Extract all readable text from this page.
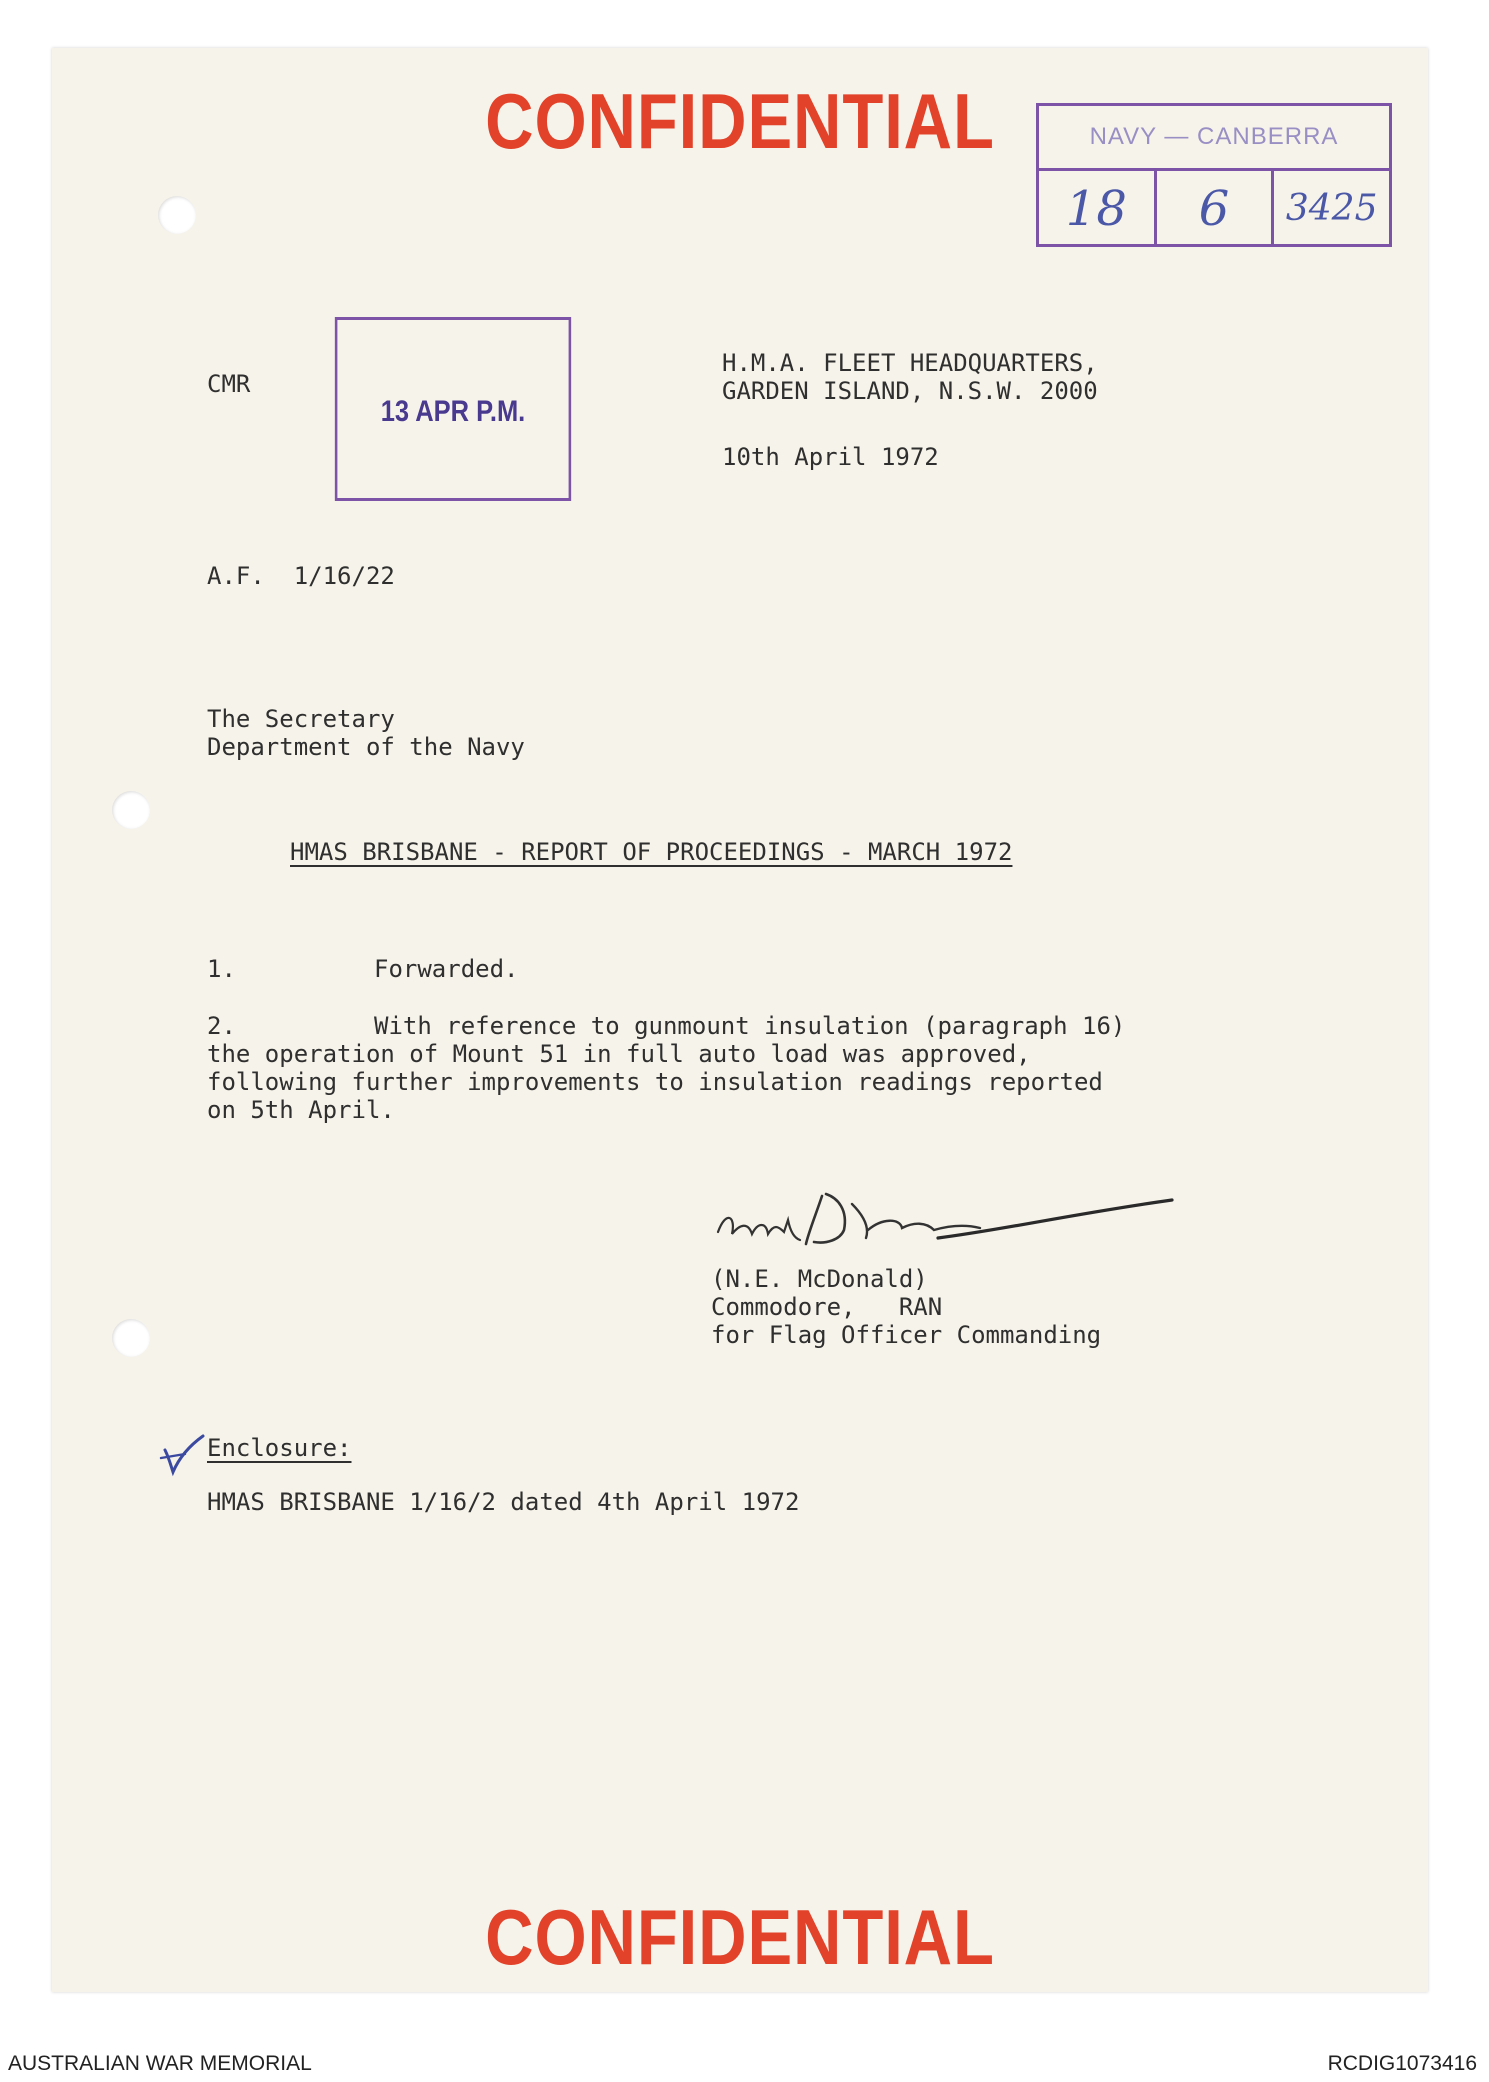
CONFIDENTIAL	NAVY — CANBERRA
18	6	3425
CMR
13 APR P.M.
H.M.A. FLEET HEADQUARTERS,
GARDEN ISLAND, N.S.W. 2000
10th April 1972
A.F.  1/16/22
The Secretary
Department of the Navy
HMAS BRISBANE - REPORT OF PROCEEDINGS - MARCH 1972
1.	Forwarded.
2.	With reference to gunmount insulation (paragraph 16)
the operation of Mount 51 in full auto load was approved,
following further improvements to insulation readings reported
on 5th April.
(N.E. McDonald)
Commodore,   RAN
for Flag Officer Commanding
Enclosure:
HMAS BRISBANE 1/16/2 dated 4th April 1972
CONFIDENTIAL
AUSTRALIAN WAR MEMORIAL	RCDIG1073416
